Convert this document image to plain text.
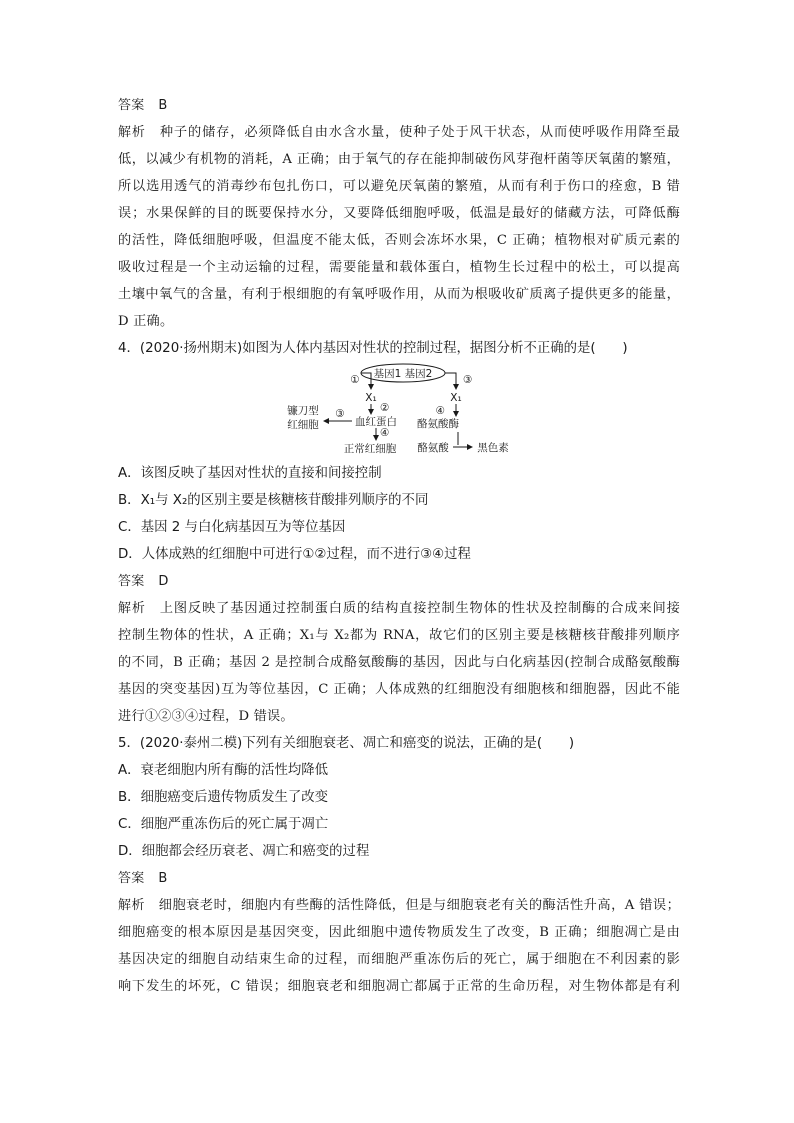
答案 B
解析　 种子的储存，必须降低自由水含水量，使种子处于风干状态，从而使呼吸作用降至最
低，以减少有机物的消耗，A 正确；由于氧气的存在能抑制破伤风芽孢杆菌等厌氧菌的繁殖，
所以选用透气的消毒纱布包扎伤口，可以避免厌氧菌的繁殖，从而有利于伤口的痊愈，B 错
误；水果保鲜的目的既要保持水分，又要降低细胞呼吸，低温是最好的储藏方法，可降低酶
的活性，降低细胞呼吸，但温度不能太低，否则会冻坏水果，C 正确；植物根对矿质元素的
吸收过程是一个主动运输的过程，需要能量和载体蛋白，植物生长过程中的松土，可以提高
土壤中氧气的含量，有利于根细胞的有氧呼吸作用，从而为根吸收矿质离子提供更多的能量，
D 正确。
4．(2020·扬州期末)如图为人体内基因对性状的控制过程，据图分析不正确的是(　　)
基因1 基因2
①
X₁
②
血红蛋白
④
正常红细胞
③
镰刀型
红细胞
③
X₁
④
酪氨酸酶
酪氨酸	黑色素
A．该图反映了基因对性状的直接和间接控制
B．X₁与 X₂的区别主要是核糖核苷酸排列顺序的不同
C．基因 2 与白化病基因互为等位基因
D．人体成熟的红细胞中可进行①②过程，而不进行③④过程
答案 D
解析　 上图反映了基因通过控制蛋白质的结构直接控制生物体的性状及控制酶的合成来间接
控制生物体的性状，A 正确；X₁与 X₂都为 RNA，故它们的区别主要是核糖核苷酸排列顺序
的不同，B 正确；基因 2 是控制合成酪氨酸酶的基因，因此与白化病基因(控制合成酪氨酸酶
基因的突变基因)互为等位基因，C 正确；人体成熟的红细胞没有细胞核和细胞器，因此不能
进行①②③④过程，D 错误。
5．(2020·泰州二模)下列有关细胞衰老、凋亡和癌变的说法，正确的是(　　)
A．衰老细胞内所有酶的活性均降低
B．细胞癌变后遗传物质发生了改变
C．细胞严重冻伤后的死亡属于凋亡
D．细胞都会经历衰老、凋亡和癌变的过程
答案 B
解析　 细胞衰老时，细胞内有些酶的活性降低，但是与细胞衰老有关的酶活性升高，A 错误；
细胞癌变的根本原因是基因突变，因此细胞中遗传物质发生了改变，B 正确；细胞凋亡是由
基因决定的细胞自动结束生命的过程，而细胞严重冻伤后的死亡，属于细胞在不利因素的影
响下发生的坏死，C 错误；细胞衰老和细胞凋亡都属于正常的生命历程，对生物体都是有利
